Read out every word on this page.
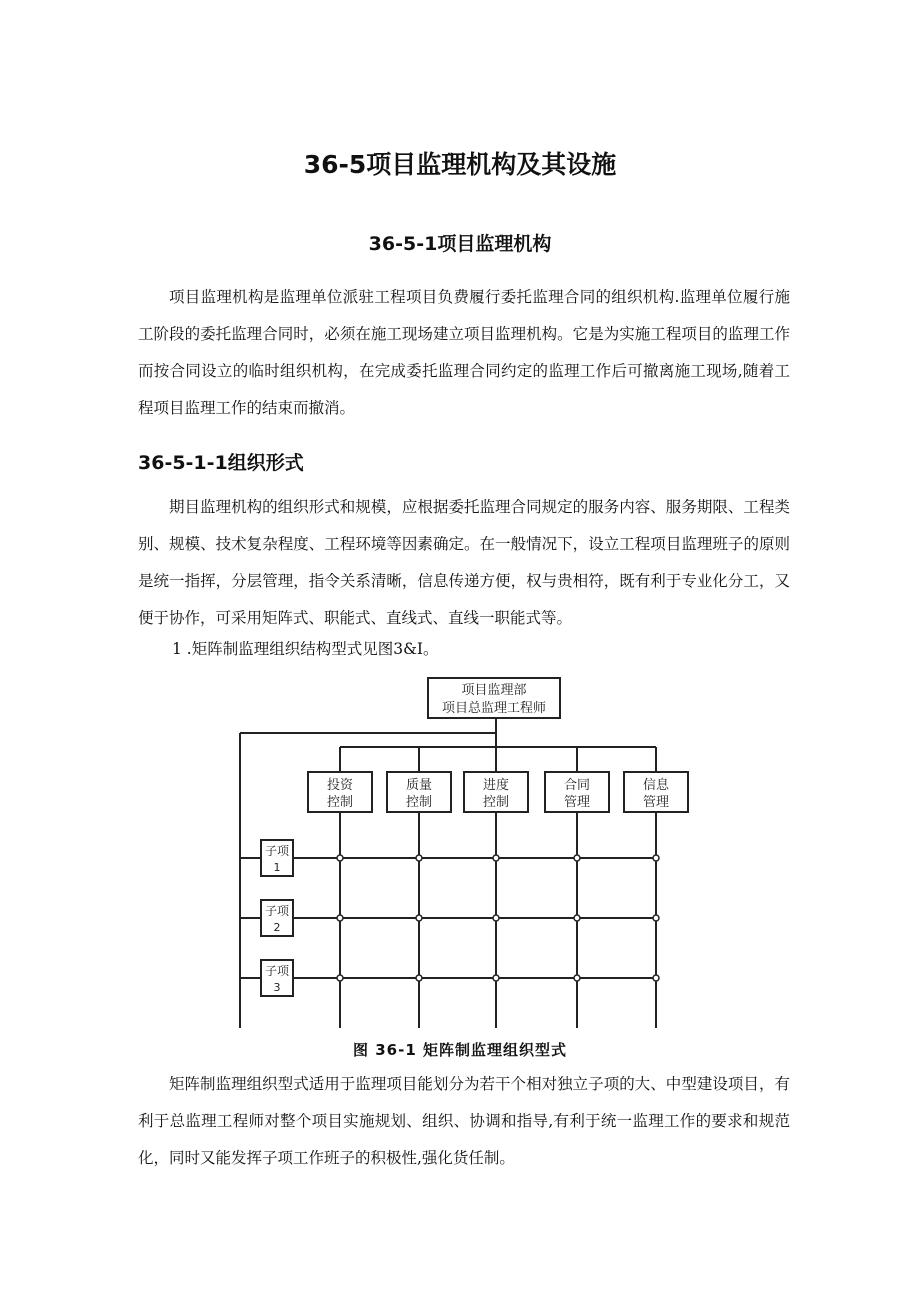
36-5项目监理机构及其设施
36-5-1项目监理机构

项目监理机构是监理单位派驻工程项目负费履行委托监理合同的组织机构.监理单位履行施工阶段的委托监理合同时，必须在施工现场建立项目监理机构。它是为实施工程项目的监理工作而按合同设立的临时组织机构，在完成委托监理合同约定的监理工作后可撤离施工现场,随着工程项目监理工作的结束而撤消。

36-5-1-1组织形式

期目监理机构的组织形式和规模，应根据委托监理合同规定的服务内容、服务期限、工程类别、规模、技术复杂程度、工程环境等因素确定。在一般情况下，设立工程项目监理班子的原则是统一指挥，分层管理，指令关系清晰，信息传递方便，权与贵相符，既有利于专业化分工，又便于协作，可采用矩阵式、职能式、直线式、直线一职能式等。

1 .矩阵制监理组织结构型式见图3&I。

项目监理部
项目总监理工程师
投资
控制
质量
控制
进度
控制
合同
管理
信息
管理
子项
1
子项
2
子项
3
图 36-1 矩阵制监理组织型式

矩阵制监理组织型式适用于监理项目能划分为若干个相对独立子项的大、中型建设项目，有利于总监理工程师对整个项目实施规划、组织、协调和指导,有利于统一监理工作的要求和规范化，同时又能发挥子项工作班子的积极性,强化货任制。
